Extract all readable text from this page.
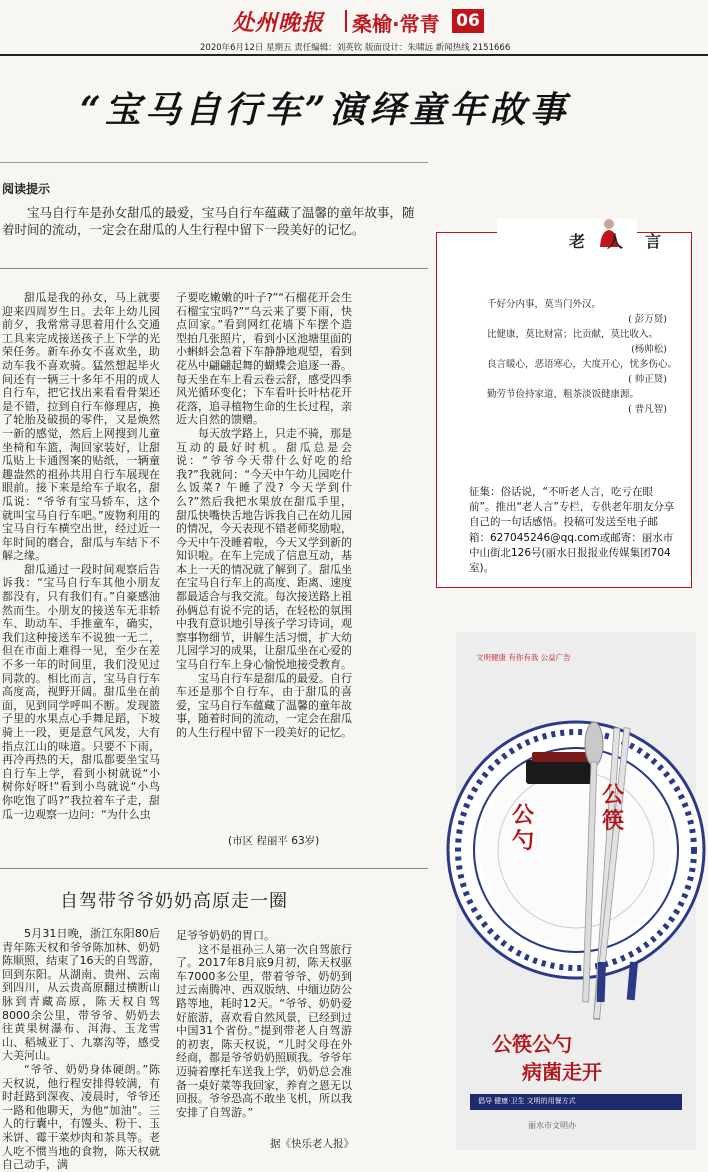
处州晚报 桑榆·常青 06
2020年6月12日 星期五 责任编辑：刘英钦 版面设计：朱啸远 新闻热线 2151666
“宝马自行车”演绎童年故事
阅读提示
宝马自行车是孙女甜瓜的最爱，宝马自行车蕴藏了温馨的童年故事，随着时间的流动，一定会在甜瓜的人生行程中留下一段美好的记忆。

甜瓜是我的孙女，马上就要迎来四周岁生日。去年上幼儿园前夕，我常常寻思着用什么交通工具来完成接送孩子上下学的光荣任务。新车孙女不喜欢坐，助动车我不喜欢骑。猛然想起毕火间还有一辆三十多年不用的成人自行车，把它找出来看看骨架还是不错，拉到自行车修理店，换了轮胎及破损的零件，又是焕然一新的感觉，然后上网搜到儿童坐椅和车篮，淘回家装好，让甜瓜贴上卡通图案的贴纸，一辆童趣盎然的祖孙共用自行车展现在眼前。接下来是给车子取名，甜瓜说：“爷爷有宝马轿车，这个就叫宝马自行车吧。”废物利用的宝马自行车横空出世，经过近一年时间的磨合，甜瓜与车结下不解之缘。

甜瓜通过一段时间观察后告诉我：“宝马自行车其他小朋友都没有，只有我们有。”自豪感油然而生。小朋友的接送车无非轿车、助动车、手推童车，确实，我们这种接送车不说独一无二，但在市面上难得一见，至少在差不多一年的时间里，我们没见过同款的。相比而言，宝马自行车高度高，视野开阔。甜瓜坐在前面，见到同学呼叫不断。发现篮子里的水果点心手舞足蹈，下坡骑上一段，更是意气风发，大有指点江山的味道。只要不下雨，再冷再热的天，甜瓜都要坐宝马自行车上学，看到小树就说“小树你好呀!”看到小鸟就说“小鸟你吃饱了吗?”我拉着车子走，甜瓜一边观察一边问：“为什么虫

子要吃嫩嫩的叶子?”“石榴花开会生石榴宝宝吗?”“乌云来了要下雨，快点回家。”看到网红花墙下车摆个造型拍几张照片，看到小区池塘里面的小蝌蚪会急着下车静静地观望，看到花丛中翩翩起舞的蝴蝶会追逐一番。每天坐在车上看云卷云舒，感受四季风光循环变化；下车看叶长叶枯花开花落，追寻植物生命的生长过程，亲近大自然的馈赠。

每天放学路上，只走不骑，那是互动的最好时机。甜瓜总是会说：“爷爷今天带什么好吃的给我?”我就问：“今天中午幼儿园吃什么饭菜? 午睡了没? 今天学到什么?”然后我把水果放在甜瓜手里，甜瓜快嘴快舌地告诉我自己在幼儿园的情况，今天表现不错老师奖励啦，今天中午没睡着啦，今天又学到新的知识啦。在车上完成了信息互动，基本上一天的情况就了解到了。甜瓜坐在宝马自行车上的高度、距离、速度都最适合与我交流。每次接送路上祖孙俩总有说不完的话，在轻松的氛围中我有意识地引导孩子学习诗词，观察事物细节，讲解生活习惯，扩大幼儿园学习的成果，让甜瓜坐在心爱的宝马自行车上身心愉悦地接受教育。

宝马自行车是甜瓜的最爱。自行车还是那个自行车，由于甜瓜的喜爱，宝马自行车蕴藏了温馨的童年故事，随着时间的流动，一定会在甜瓜的人生行程中留下一段美好的记忆。

(市区 程丽平 63岁)
自驾带爷爷奶奶高原走一圈

5月31日晚，浙江东阳80后青年陈天权和爷爷陈加林、奶奶陈顺照，结束了16天的自驾游，回到东阳。从湖南、贵州、云南到四川，从云贵高原翻过横断山脉到青藏高原，陈天权自驾8000余公里，带爷爷、奶奶去往黄果树瀑布、洱海、玉龙雪山、稻城亚丁、九寨沟等，感受大美河山。

“爷爷、奶奶身体硬朗。”陈天权说，他行程安排得较满，有时赶路到深夜、凌晨时，爷爷还一路和他聊天，为他“加油”。三人的行囊中，有馒头、粉干、玉米饼、霉干菜炒肉和茶具等。老人吃不惯当地的食物，陈天权就自己动手，满

足爷爷奶奶的胃口。

这不是祖孙三人第一次自驾旅行了。2017年8月底9月初，陈天权驱车7000多公里，带着爷爷、奶奶到过云南腾冲、西双版纳、中缅边防公路等地，耗时12天。“爷爷、奶奶爱好旅游，喜欢看自然风景，已经到过中国31个省份。”提到带老人自驾游的初衷，陈天权说，“儿时父母在外经商，都是爷爷奶奶照顾我。爷爷年迈骑着摩托车送我上学，奶奶总会准备一桌好菜等我回家，养育之恩无以回报。爷爷恐高不敢坐飞机，所以我安排了自驾游。”

据《快乐老人报》
老人言
千好分内事，莫当门外汉。
( 彭万贤)
比健康，莫比财富；比贡献，莫比收入。
(杨帅松)
良言暖心，恶语寒心，大度开心，忧多伤心。
( 帅正贤)
勤劳节俭持家道，粗茶淡饭健康源。
( 普凡智)
征集：俗话说，“不听老人言，吃亏在眼前”。推出“老人言”专栏，专供老年朋友分享自己的一句话感悟。投稿可发送至电子邮箱：627045246@qq.com或邮寄：丽水市中山街北126号(丽水日报报业传媒集团704室)。
文明健康 有你有我 公益广告
公勺
公筷
公筷公勺
病菌走开
倡导 健康·卫生 文明的用餐方式
丽水市文明办
